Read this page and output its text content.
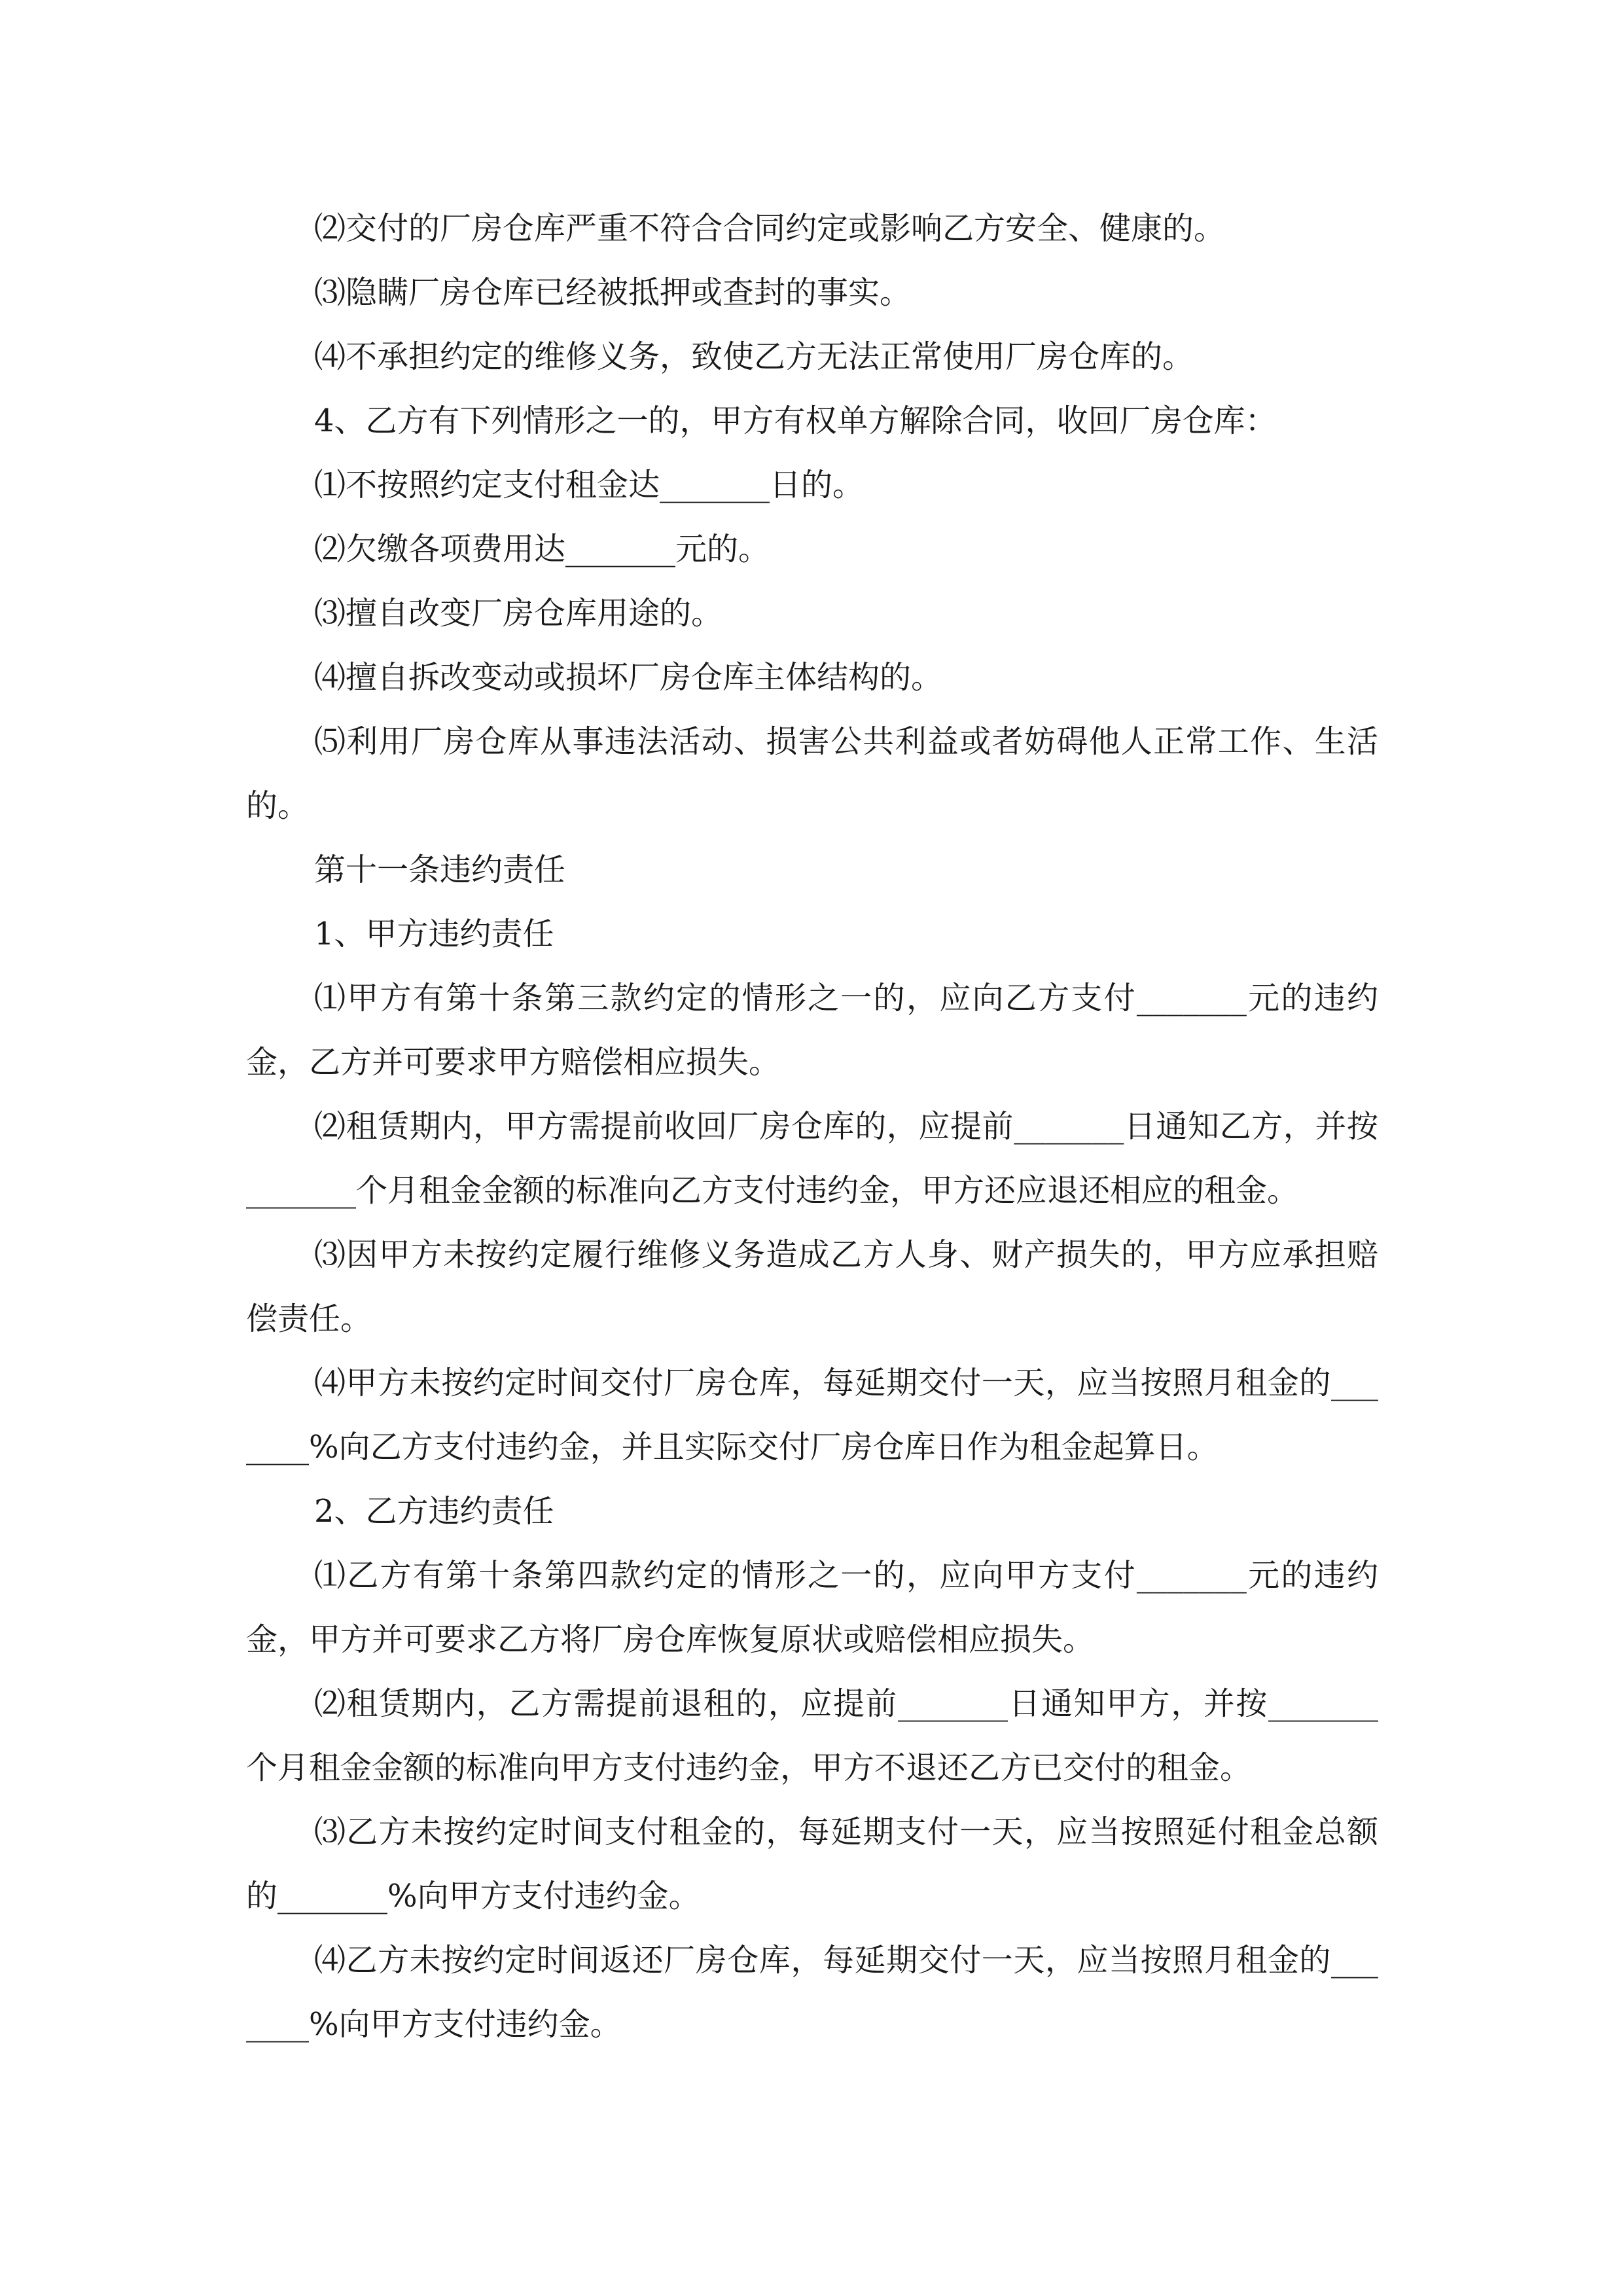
⑵交付的厂房仓库严重不符合合同约定或影响乙方安全、健康的。

⑶隐瞒厂房仓库已经被抵押或查封的事实。

⑷不承担约定的维修义务，致使乙方无法正常使用厂房仓库的。

4、乙方有下列情形之一的，甲方有权单方解除合同，收回厂房仓库：

⑴不按照约定支付租金达_______日的。

⑵欠缴各项费用达_______元的。

⑶擅自改变厂房仓库用途的。

⑷擅自拆改变动或损坏厂房仓库主体结构的。

⑸利用厂房仓库从事违法活动、损害公共利益或者妨碍他人正常工作、生活的。

第十一条违约责任

1、甲方违约责任

⑴甲方有第十条第三款约定的情形之一的，应向乙方支付_______元的违约金，乙方并可要求甲方赔偿相应损失。

⑵租赁期内，甲方需提前收回厂房仓库的，应提前_______日通知乙方，并按_______个月租金金额的标准向乙方支付违约金，甲方还应退还相应的租金。

⑶因甲方未按约定履行维修义务造成乙方人身、财产损失的，甲方应承担赔偿责任。

⑷甲方未按约定时间交付厂房仓库，每延期交付一天，应当按照月租金的_______%向乙方支付违约金，并且实际交付厂房仓库日作为租金起算日。

2、乙方违约责任

⑴乙方有第十条第四款约定的情形之一的，应向甲方支付_______元的违约金，甲方并可要求乙方将厂房仓库恢复原状或赔偿相应损失。

⑵租赁期内，乙方需提前退租的，应提前_______日通知甲方，并按_______个月租金金额的标准向甲方支付违约金，甲方不退还乙方已交付的租金。

⑶乙方未按约定时间支付租金的，每延期支付一天，应当按照延付租金总额的_______%向甲方支付违约金。

⑷乙方未按约定时间返还厂房仓库，每延期交付一天，应当按照月租金的_______%向甲方支付违约金。
